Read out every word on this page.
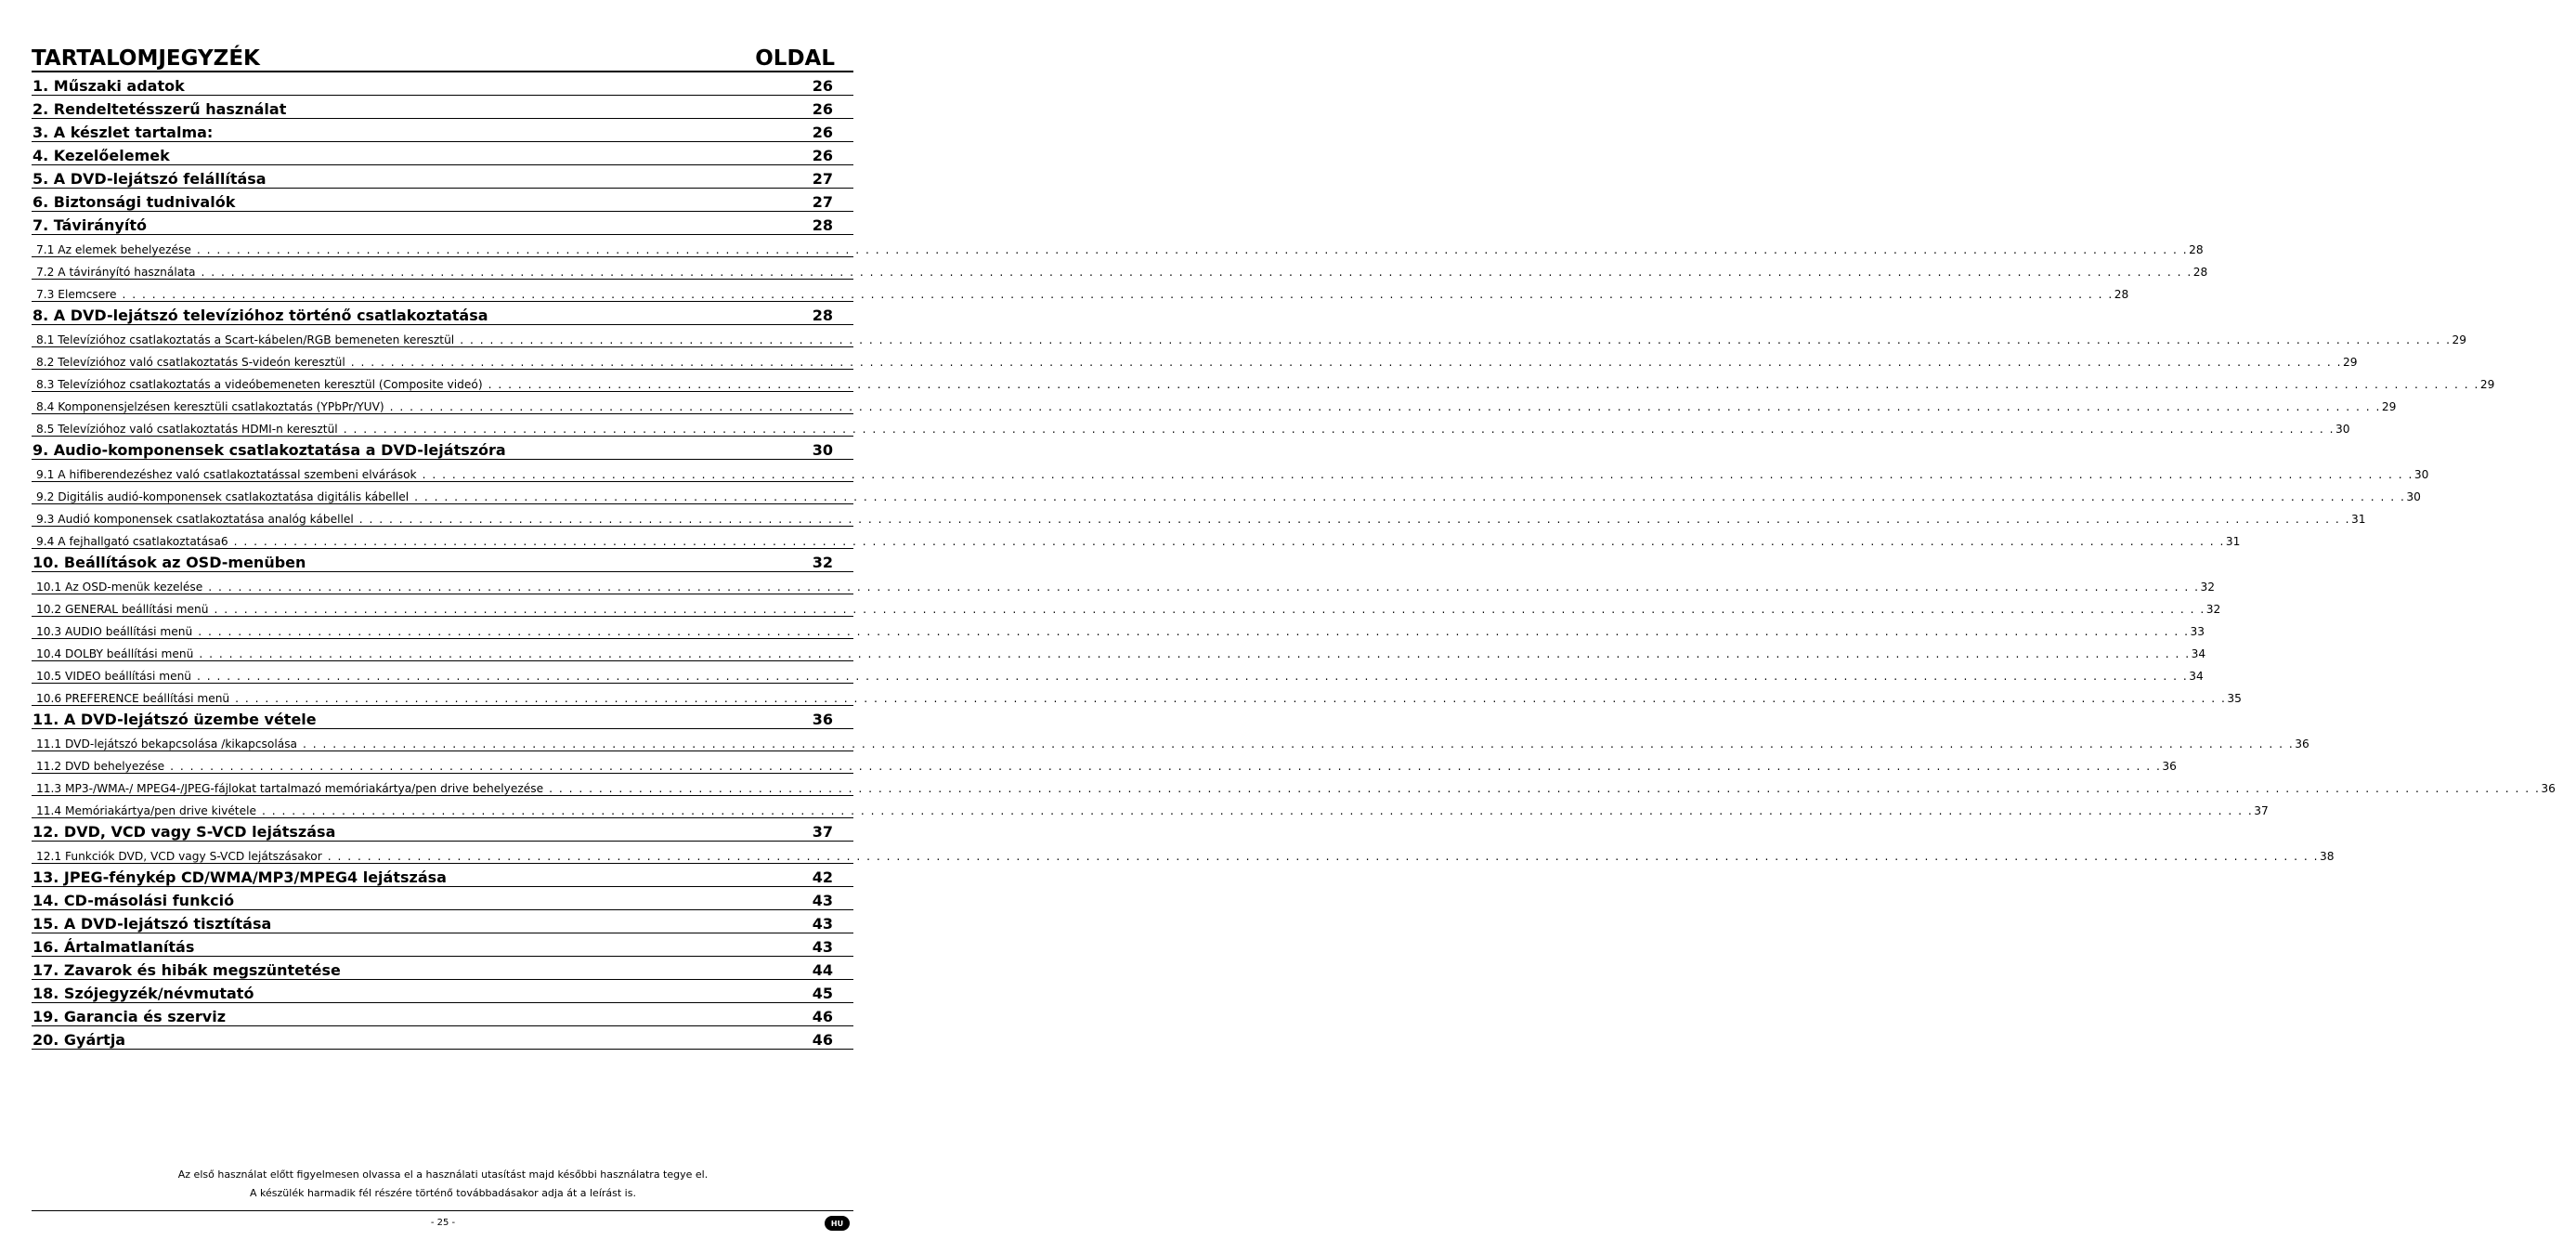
TARTALOMJEGYZÉK	OLDAL
1. Műszaki adatok	26
2. Rendeltetésszerű használat	26
3. A készlet tartalma:	26
4. Kezelőelemek	26
5. A DVD-lejátszó felállítása	27
6. Biztonsági tudnivalók	27
7. Távirányító	28
7.1 Az elemek behelyezése . . . . . . . . . . . . . . . . . . . . . . . . . . . . . . . . . . . . . . . . . . . . . . . . . . . . . . . . . . . . . . . . . . . . . . . . . . . . . . . . . . . . . . . . . . . . . . . . . . . . . . . . . . . . . . . . . . . . . . . . . . . . . . . . . . . . . . . . . . . . . . . . . . . . . . . . . . . . . . . . . . . . . . . . . . . . . . . . . . . . . . . . . . . . . . . . . . . . . . . . 28
7.2 A távirányító használata . . . . . . . . . . . . . . . . . . . . . . . . . . . . . . . . . . . . . . . . . . . . . . . . . . . . . . . . . . . . . . . . . . . . . . . . . . . . . . . . . . . . . . . . . . . . . . . . . . . . . . . . . . . . . . . . . . . . . . . . . . . . . . . . . . . . . . . . . . . . . . . . . . . . . . . . . . . . . . . . . . . . . . . . . . . . . . . . . . . . . . . . . . . . . . . . . . . . . . . . 28
7.3 Elemcsere . . . . . . . . . . . . . . . . . . . . . . . . . . . . . . . . . . . . . . . . . . . . . . . . . . . . . . . . . . . . . . . . . . . . . . . . . . . . . . . . . . . . . . . . . . . . . . . . . . . . . . . . . . . . . . . . . . . . . . . . . . . . . . . . . . . . . . . . . . . . . . . . . . . . . . . . . . . . . . . . . . . . . . . . . . . . . . . . . . . . . . . . . . . . . . . . . . . . . . . . 28
8. A DVD-lejátszó televízióhoz történő csatlakoztatása	28
8.1 Televízióhoz csatlakoztatás a Scart-kábelen/RGB bemeneten keresztül . . . . . . . . . . . . . . . . . . . . . . . . . . . . . . . . . . . . . . . . . . . . . . . . . . . . . . . . . . . . . . . . . . . . . . . . . . . . . . . . . . . . . . . . . . . . . . . . . . . . . . . . . . . . . . . . . . . . . . . . . . . . . . . . . . . . . . . . . . . . . . . . . . . . . . . . . . . . . . . . . . . . . . . . . . . . . . . . . . . . . . . . . . . . . . . . . . . . . . . . 29
8.2 Televízióhoz való csatlakoztatás S-videón keresztül . . . . . . . . . . . . . . . . . . . . . . . . . . . . . . . . . . . . . . . . . . . . . . . . . . . . . . . . . . . . . . . . . . . . . . . . . . . . . . . . . . . . . . . . . . . . . . . . . . . . . . . . . . . . . . . . . . . . . . . . . . . . . . . . . . . . . . . . . . . . . . . . . . . . . . . . . . . . . . . . . . . . . . . . . . . . . . . . . . . . . . . . . . . . . . . . . . . . . . . . 29
8.3 Televízióhoz csatlakoztatás a videóbemeneten keresztül (Composite videó) . . . . . . . . . . . . . . . . . . . . . . . . . . . . . . . . . . . . . . . . . . . . . . . . . . . . . . . . . . . . . . . . . . . . . . . . . . . . . . . . . . . . . . . . . . . . . . . . . . . . . . . . . . . . . . . . . . . . . . . . . . . . . . . . . . . . . . . . . . . . . . . . . . . . . . . . . . . . . . . . . . . . . . . . . . . . . . . . . . . . . . . . . . . . . . . . . . . . . . . . 29
8.4 Komponensjelzésen keresztüli csatlakoztatás (YPbPr/YUV) . . . . . . . . . . . . . . . . . . . . . . . . . . . . . . . . . . . . . . . . . . . . . . . . . . . . . . . . . . . . . . . . . . . . . . . . . . . . . . . . . . . . . . . . . . . . . . . . . . . . . . . . . . . . . . . . . . . . . . . . . . . . . . . . . . . . . . . . . . . . . . . . . . . . . . . . . . . . . . . . . . . . . . . . . . . . . . . . . . . . . . . . . . . . . . . . . . . . . . . . 29
8.5 Televízióhoz való csatlakoztatás HDMI-n keresztül . . . . . . . . . . . . . . . . . . . . . . . . . . . . . . . . . . . . . . . . . . . . . . . . . . . . . . . . . . . . . . . . . . . . . . . . . . . . . . . . . . . . . . . . . . . . . . . . . . . . . . . . . . . . . . . . . . . . . . . . . . . . . . . . . . . . . . . . . . . . . . . . . . . . . . . . . . . . . . . . . . . . . . . . . . . . . . . . . . . . . . . . . . . . . . . . . . . . . . . . 30
9. Audio-komponensek csatlakoztatása a DVD-lejátszóra	30
9.1 A hifiberendezéshez való csatlakoztatással szembeni elvárások . . . . . . . . . . . . . . . . . . . . . . . . . . . . . . . . . . . . . . . . . . . . . . . . . . . . . . . . . . . . . . . . . . . . . . . . . . . . . . . . . . . . . . . . . . . . . . . . . . . . . . . . . . . . . . . . . . . . . . . . . . . . . . . . . . . . . . . . . . . . . . . . . . . . . . . . . . . . . . . . . . . . . . . . . . . . . . . . . . . . . . . . . . . . . . . . . . . . . . . . 30
9.2 Digitális audió-komponensek csatlakoztatása digitális kábellel . . . . . . . . . . . . . . . . . . . . . . . . . . . . . . . . . . . . . . . . . . . . . . . . . . . . . . . . . . . . . . . . . . . . . . . . . . . . . . . . . . . . . . . . . . . . . . . . . . . . . . . . . . . . . . . . . . . . . . . . . . . . . . . . . . . . . . . . . . . . . . . . . . . . . . . . . . . . . . . . . . . . . . . . . . . . . . . . . . . . . . . . . . . . . . . . . . . . . . . . 30
9.3 Audió komponensek csatlakoztatása analóg kábellel . . . . . . . . . . . . . . . . . . . . . . . . . . . . . . . . . . . . . . . . . . . . . . . . . . . . . . . . . . . . . . . . . . . . . . . . . . . . . . . . . . . . . . . . . . . . . . . . . . . . . . . . . . . . . . . . . . . . . . . . . . . . . . . . . . . . . . . . . . . . . . . . . . . . . . . . . . . . . . . . . . . . . . . . . . . . . . . . . . . . . . . . . . . . . . . . . . . . . . . . 31
9.4 A fejhallgató csatlakoztatása6 . . . . . . . . . . . . . . . . . . . . . . . . . . . . . . . . . . . . . . . . . . . . . . . . . . . . . . . . . . . . . . . . . . . . . . . . . . . . . . . . . . . . . . . . . . . . . . . . . . . . . . . . . . . . . . . . . . . . . . . . . . . . . . . . . . . . . . . . . . . . . . . . . . . . . . . . . . . . . . . . . . . . . . . . . . . . . . . . . . . . . . . . . . . . . . . . . . . . . . . . 31
10. Beállítások az OSD-menüben	32
10.1 Az OSD-menük kezelése . . . . . . . . . . . . . . . . . . . . . . . . . . . . . . . . . . . . . . . . . . . . . . . . . . . . . . . . . . . . . . . . . . . . . . . . . . . . . . . . . . . . . . . . . . . . . . . . . . . . . . . . . . . . . . . . . . . . . . . . . . . . . . . . . . . . . . . . . . . . . . . . . . . . . . . . . . . . . . . . . . . . . . . . . . . . . . . . . . . . . . . . . . . . . . . . . . . . . . . . 32
10.2 GENERAL beállítási menü . . . . . . . . . . . . . . . . . . . . . . . . . . . . . . . . . . . . . . . . . . . . . . . . . . . . . . . . . . . . . . . . . . . . . . . . . . . . . . . . . . . . . . . . . . . . . . . . . . . . . . . . . . . . . . . . . . . . . . . . . . . . . . . . . . . . . . . . . . . . . . . . . . . . . . . . . . . . . . . . . . . . . . . . . . . . . . . . . . . . . . . . . . . . . . . . . . . . . . . . 32
10.3 AUDIO beállítási menü . . . . . . . . . . . . . . . . . . . . . . . . . . . . . . . . . . . . . . . . . . . . . . . . . . . . . . . . . . . . . . . . . . . . . . . . . . . . . . . . . . . . . . . . . . . . . . . . . . . . . . . . . . . . . . . . . . . . . . . . . . . . . . . . . . . . . . . . . . . . . . . . . . . . . . . . . . . . . . . . . . . . . . . . . . . . . . . . . . . . . . . . . . . . . . . . . . . . . . . . 33
10.4 DOLBY beállítási menü . . . . . . . . . . . . . . . . . . . . . . . . . . . . . . . . . . . . . . . . . . . . . . . . . . . . . . . . . . . . . . . . . . . . . . . . . . . . . . . . . . . . . . . . . . . . . . . . . . . . . . . . . . . . . . . . . . . . . . . . . . . . . . . . . . . . . . . . . . . . . . . . . . . . . . . . . . . . . . . . . . . . . . . . . . . . . . . . . . . . . . . . . . . . . . . . . . . . . . . . 34
10.5 VIDEO beállítási menü . . . . . . . . . . . . . . . . . . . . . . . . . . . . . . . . . . . . . . . . . . . . . . . . . . . . . . . . . . . . . . . . . . . . . . . . . . . . . . . . . . . . . . . . . . . . . . . . . . . . . . . . . . . . . . . . . . . . . . . . . . . . . . . . . . . . . . . . . . . . . . . . . . . . . . . . . . . . . . . . . . . . . . . . . . . . . . . . . . . . . . . . . . . . . . . . . . . . . . . . 34
10.6 PREFERENCE beállítási menü . . . . . . . . . . . . . . . . . . . . . . . . . . . . . . . . . . . . . . . . . . . . . . . . . . . . . . . . . . . . . . . . . . . . . . . . . . . . . . . . . . . . . . . . . . . . . . . . . . . . . . . . . . . . . . . . . . . . . . . . . . . . . . . . . . . . . . . . . . . . . . . . . . . . . . . . . . . . . . . . . . . . . . . . . . . . . . . . . . . . . . . . . . . . . . . . . . . . . . . . 35
11. A DVD-lejátszó üzembe vétele	36
11.1 DVD-lejátszó bekapcsolása /kikapcsolása . . . . . . . . . . . . . . . . . . . . . . . . . . . . . . . . . . . . . . . . . . . . . . . . . . . . . . . . . . . . . . . . . . . . . . . . . . . . . . . . . . . . . . . . . . . . . . . . . . . . . . . . . . . . . . . . . . . . . . . . . . . . . . . . . . . . . . . . . . . . . . . . . . . . . . . . . . . . . . . . . . . . . . . . . . . . . . . . . . . . . . . . . . . . . . . . . . . . . . . . 36
11.2 DVD behelyezése . . . . . . . . . . . . . . . . . . . . . . . . . . . . . . . . . . . . . . . . . . . . . . . . . . . . . . . . . . . . . . . . . . . . . . . . . . . . . . . . . . . . . . . . . . . . . . . . . . . . . . . . . . . . . . . . . . . . . . . . . . . . . . . . . . . . . . . . . . . . . . . . . . . . . . . . . . . . . . . . . . . . . . . . . . . . . . . . . . . . . . . . . . . . . . . . . . . . . . . . 36
11.3 MP3-/WMA-/ MPEG4-/JPEG-fájlokat tartalmazó memóriakártya/pen drive behelyezése . . . . . . . . . . . . . . . . . . . . . . . . . . . . . . . . . . . . . . . . . . . . . . . . . . . . . . . . . . . . . . . . . . . . . . . . . . . . . . . . . . . . . . . . . . . . . . . . . . . . . . . . . . . . . . . . . . . . . . . . . . . . . . . . . . . . . . . . . . . . . . . . . . . . . . . . . . . . . . . . . . . . . . . . . . . . . . . . . . . . . . . . . . . . . . . . . . . . . . . . 36
11.4 Memóriakártya/pen drive kivétele . . . . . . . . . . . . . . . . . . . . . . . . . . . . . . . . . . . . . . . . . . . . . . . . . . . . . . . . . . . . . . . . . . . . . . . . . . . . . . . . . . . . . . . . . . . . . . . . . . . . . . . . . . . . . . . . . . . . . . . . . . . . . . . . . . . . . . . . . . . . . . . . . . . . . . . . . . . . . . . . . . . . . . . . . . . . . . . . . . . . . . . . . . . . . . . . . . . . . . . . 37
12. DVD, VCD vagy S-VCD lejátszása	37
12.1 Funkciók DVD, VCD vagy S-VCD lejátszásakor . . . . . . . . . . . . . . . . . . . . . . . . . . . . . . . . . . . . . . . . . . . . . . . . . . . . . . . . . . . . . . . . . . . . . . . . . . . . . . . . . . . . . . . . . . . . . . . . . . . . . . . . . . . . . . . . . . . . . . . . . . . . . . . . . . . . . . . . . . . . . . . . . . . . . . . . . . . . . . . . . . . . . . . . . . . . . . . . . . . . . . . . . . . . . . . . . . . . . . . . 38
13. JPEG-fénykép CD/WMA/MP3/MPEG4 lejátszása	42
14. CD-másolási funkció	43
15. A DVD-lejátszó tisztítása	43
16. Ártalmatlanítás	43
17. Zavarok és hibák megszüntetése	44
18. Szójegyzék/névmutató	45
19. Garancia és szerviz	46
20. Gyártja	46
Az első használat előtt figyelmesen olvassa el a használati utasítást majd későbbi használatra tegye el.
A készülék harmadik fél részére történő továbbadásakor adja át a leírást is.
- 25 -	HU
